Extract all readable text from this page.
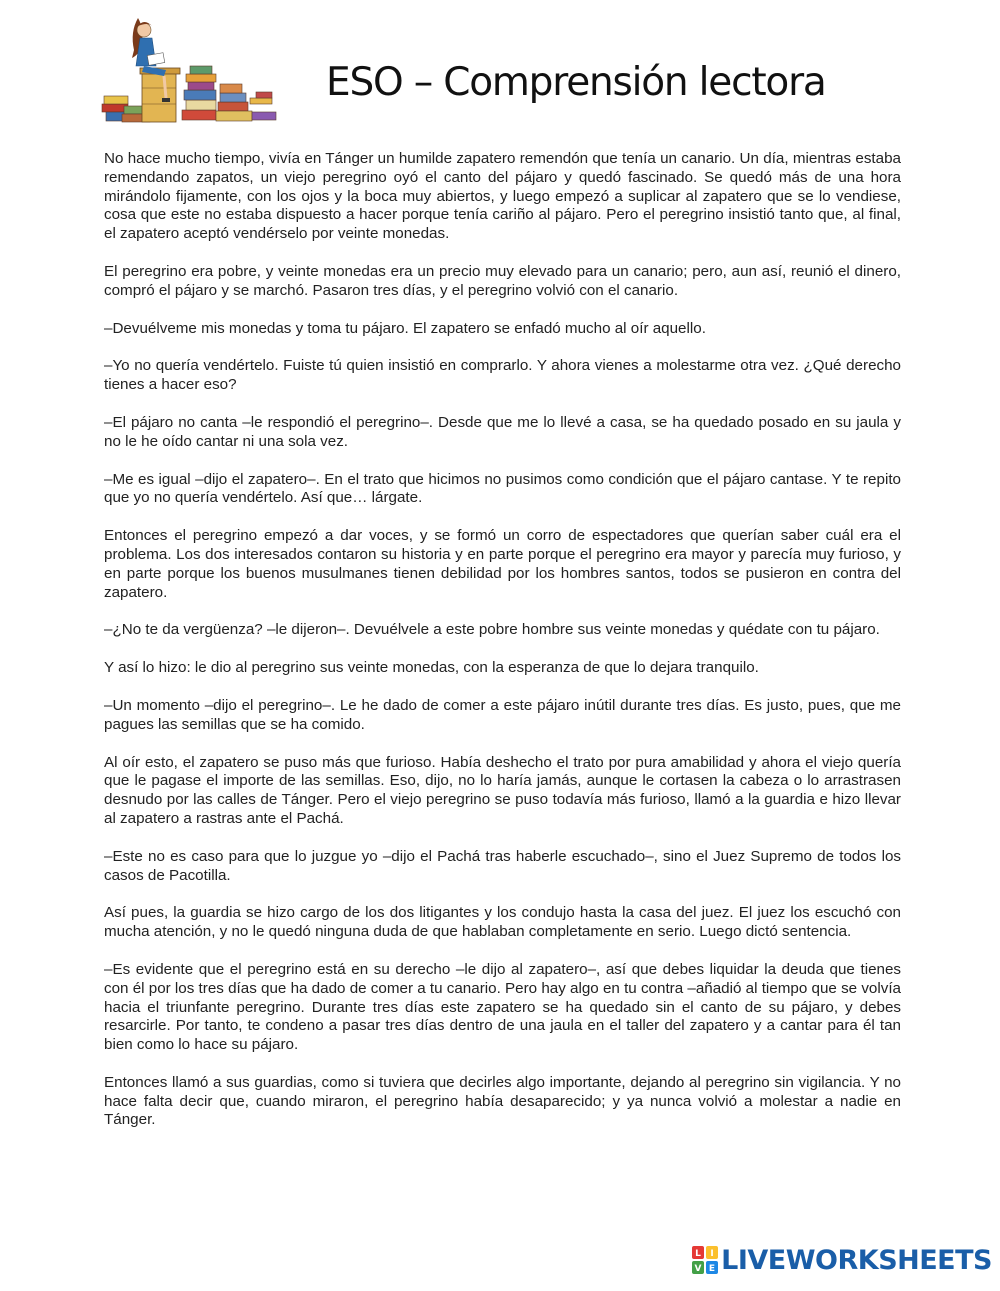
ESO – Comprensión lectora

No hace mucho tiempo, vivía en Tánger un humilde zapatero remendón que tenía un canario. Un día, mientras estaba remendando zapatos, un viejo peregrino oyó el canto del pájaro y quedó fascinado. Se quedó más de una hora mirándolo fijamente, con los ojos y la boca muy abiertos, y luego empezó a suplicar al zapatero que se lo vendiese, cosa que este no estaba dispuesto a hacer porque tenía cariño al pájaro. Pero el peregrino insistió tanto que, al final, el zapatero aceptó vendérselo por veinte monedas.

El peregrino era pobre, y veinte monedas era un precio muy elevado para un canario; pero, aun así, reunió el dinero, compró el pájaro y se marchó. Pasaron tres días, y el peregrino volvió con el canario.

–Devuélveme mis monedas y toma tu pájaro. El zapatero se enfadó mucho al oír aquello.

–Yo no quería vendértelo. Fuiste tú quien insistió en comprarlo. Y ahora vienes a molestarme otra vez. ¿Qué derecho tienes a hacer eso?

–El pájaro no canta –le respondió el peregrino–. Desde que me lo llevé a casa, se ha quedado posado en su jaula y no le he oído cantar ni una sola vez.

–Me es igual –dijo el zapatero–. En el trato que hicimos no pusimos como condición que el pájaro cantase. Y te repito que yo no quería vendértelo. Así que… lárgate.

Entonces el peregrino empezó a dar voces, y se formó un corro de espectadores que querían saber cuál era el problema. Los dos interesados contaron su historia y en parte porque el peregrino era mayor y parecía muy furioso, y en parte porque los buenos musulmanes tienen debilidad por los hombres santos, todos se pusieron en contra del zapatero.

–¿No te da vergüenza? –le dijeron–. Devuélvele a este pobre hombre sus veinte monedas y quédate con tu pájaro.

Y así lo hizo: le dio al peregrino sus veinte monedas, con la esperanza de que lo dejara tranquilo.

–Un momento –dijo el peregrino–. Le he dado de comer a este pájaro inútil durante tres días. Es justo, pues, que me pagues las semillas que se ha comido.

Al oír esto, el zapatero se puso más que furioso. Había deshecho el trato por pura amabilidad y ahora el viejo quería que le pagase el importe de las semillas. Eso, dijo, no lo haría jamás, aunque le cortasen la cabeza o lo arrastrasen desnudo por las calles de Tánger. Pero el viejo peregrino se puso todavía más furioso, llamó a la guardia e hizo llevar al zapatero a rastras ante el Pachá.

–Este no es caso para que lo juzgue yo –dijo el Pachá tras haberle escuchado–, sino el Juez Supremo de todos los casos de Pacotilla.

Así pues, la guardia se hizo cargo de los dos litigantes y los condujo hasta la casa del juez. El juez los escuchó con mucha atención, y no le quedó ninguna duda de que hablaban completamente en serio. Luego dictó sentencia.

–Es evidente que el peregrino está en su derecho –le dijo al zapatero–, así que debes liquidar la deuda que tienes con él por los tres días que ha dado de comer a tu canario. Pero hay algo en tu contra –añadió al tiempo que se volvía hacia el triunfante peregrino. Durante tres días este zapatero se ha quedado sin el canto de su pájaro, y debes resarcirle. Por tanto, te condeno a pasar tres días dentro de una jaula en el taller del zapatero y a cantar para él tan bien como lo hace su pájaro.

Entonces llamó a sus guardias, como si tuviera que decirles algo importante, dejando al peregrino sin vigilancia. Y no hace falta decir que, cuando miraron, el peregrino había desaparecido; y ya nunca volvió a molestar a nadie en Tánger.

L I
V E LIVEWORKSHEETS
